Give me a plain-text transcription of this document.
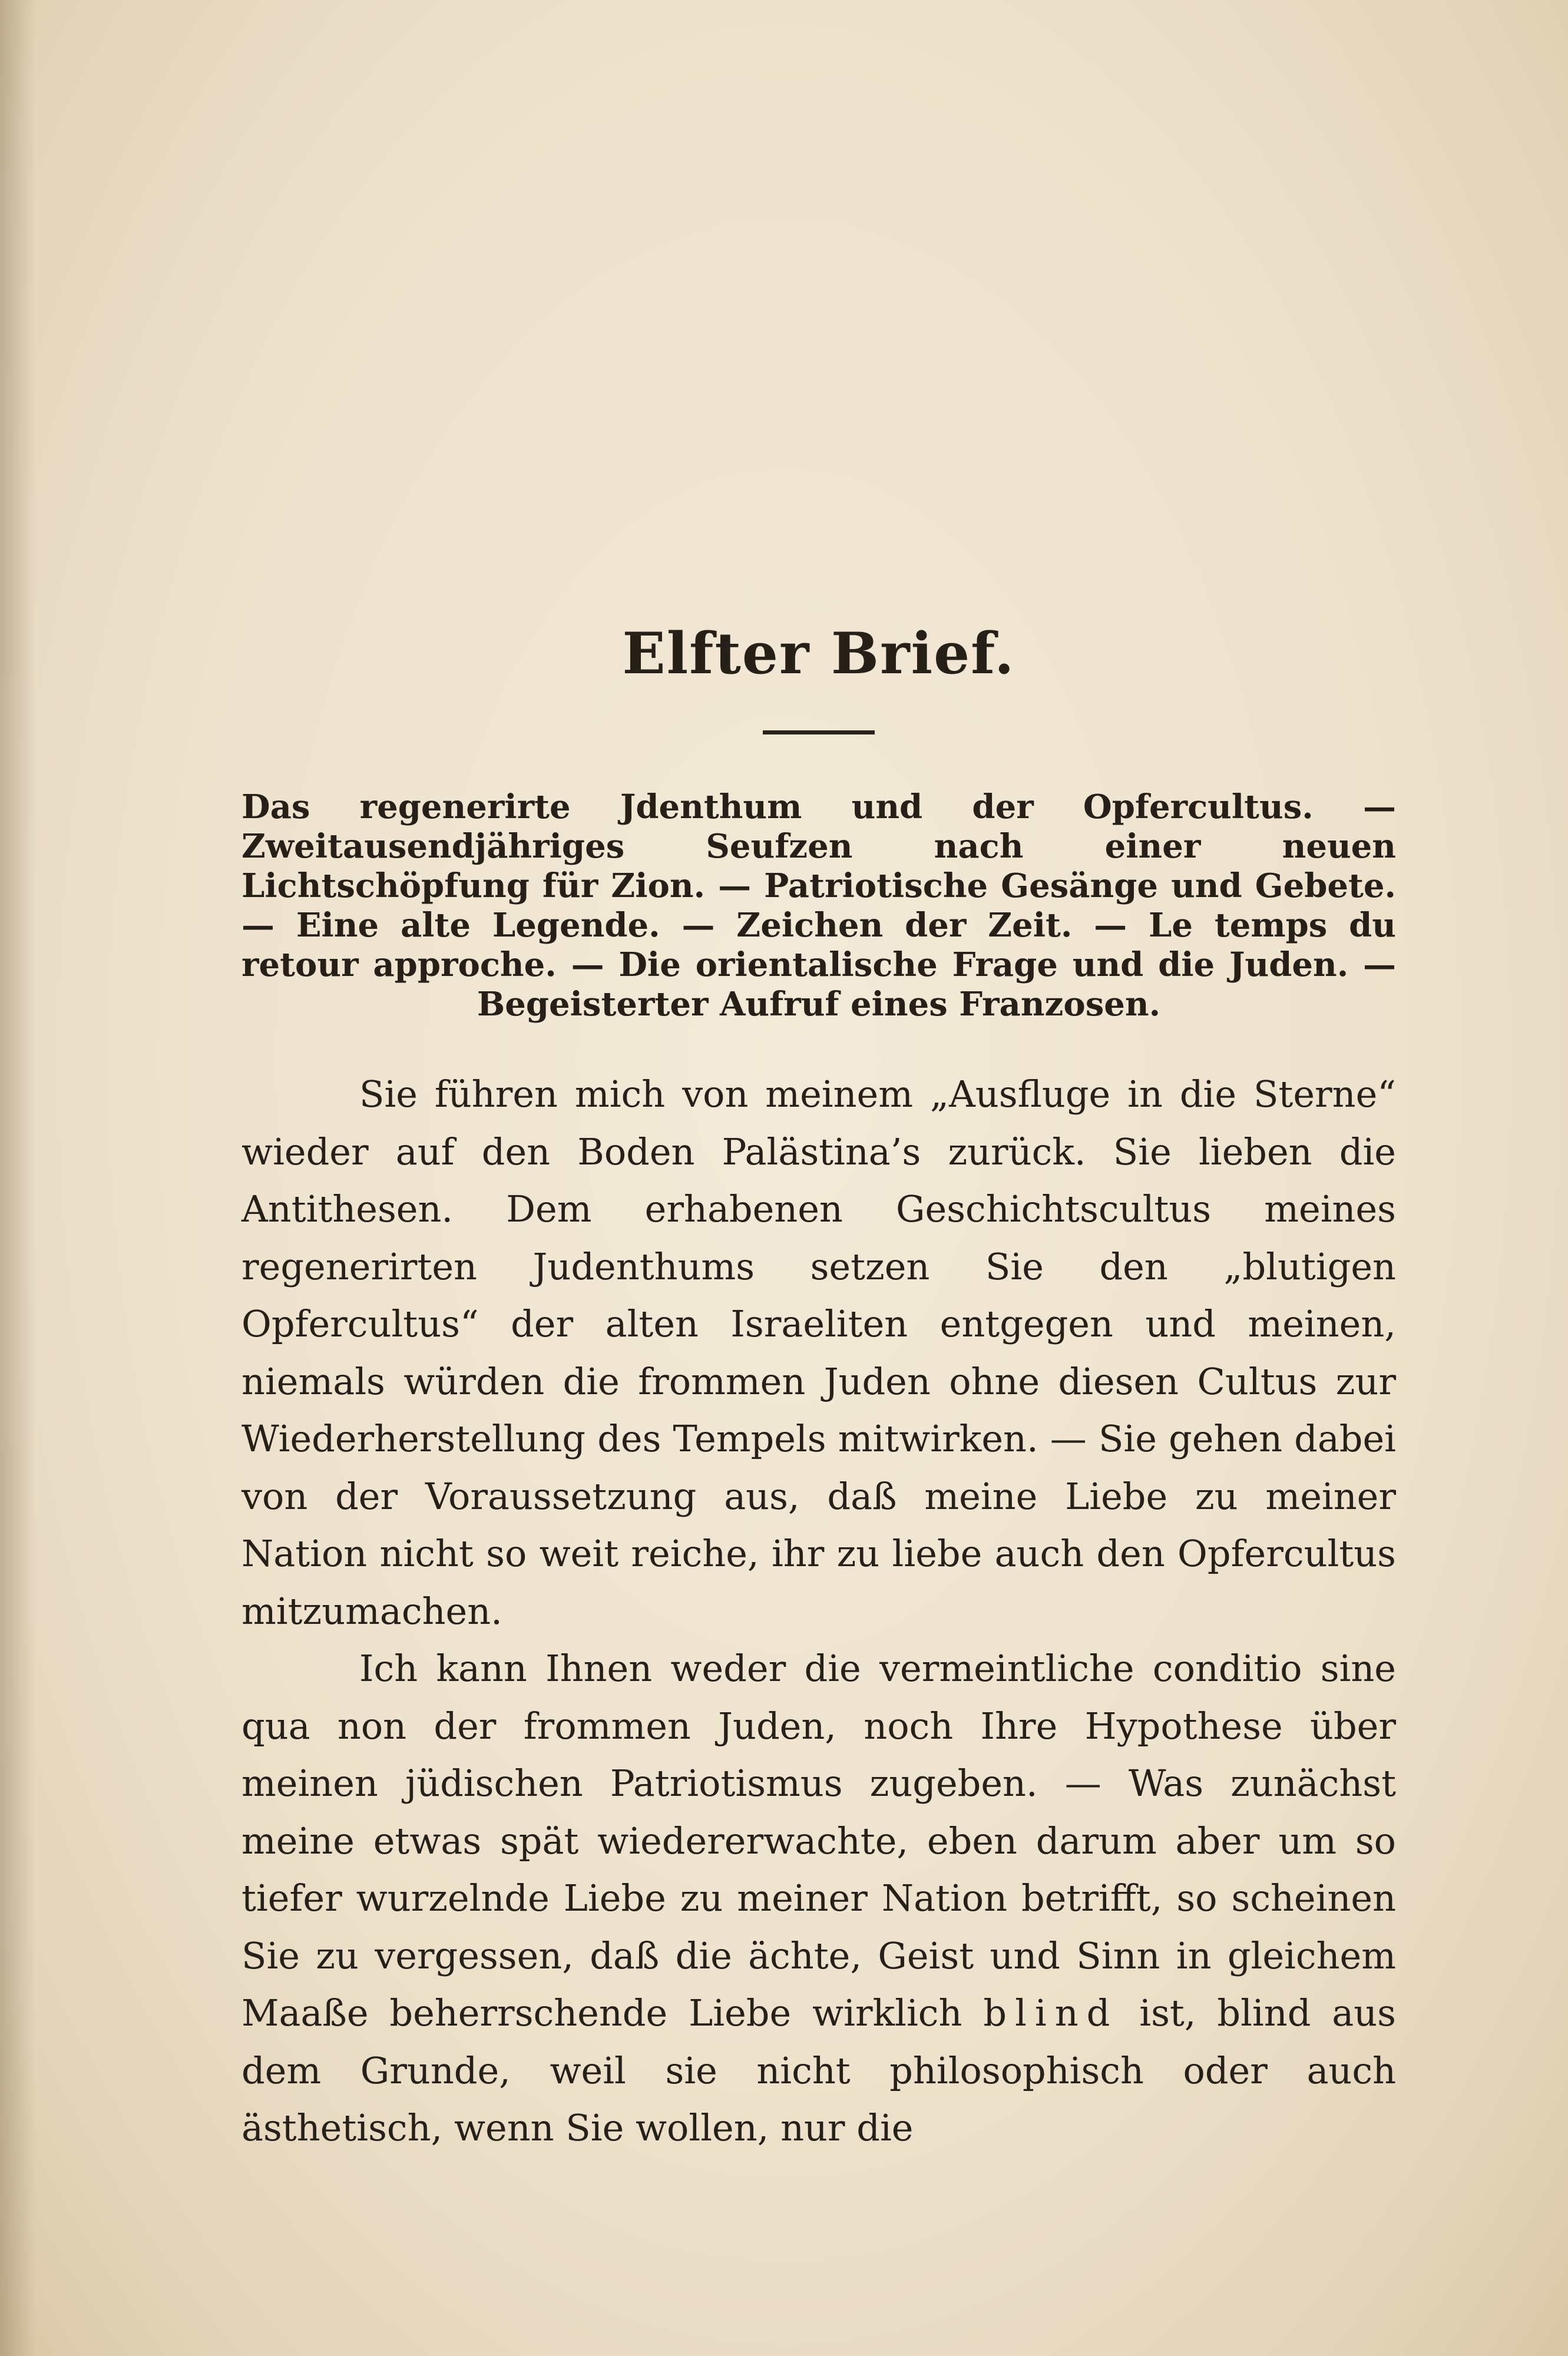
Elfter Brief.

Das regenerirte Jdenthum und der Opfercultus. — Zweitausendjähriges Seufzen nach einer neuen Lichtschöpfung für Zion. — Patriotische Gesänge und Gebete. — Eine alte Legende. — Zeichen der Zeit. — Le temps du retour approche. — Die orientalische Frage und die Juden. — Begeisterter Aufruf eines Franzosen.

Sie führen mich von meinem „Ausfluge in die Sterne“ wieder auf den Boden Palästina’s zurück. Sie lieben die Antithesen. Dem erhabenen Geschichtscultus meines regenerirten Judenthums setzen Sie den „blutigen Opfercultus“ der alten Israeliten entgegen und meinen, niemals würden die frommen Juden ohne diesen Cultus zur Wiederherstellung des Tempels mitwirken. — Sie gehen dabei von der Voraussetzung aus, daß meine Liebe zu meiner Nation nicht so weit reiche, ihr zu liebe auch den Opfercultus mitzumachen.

Ich kann Ihnen weder die vermeintliche conditio sine qua non der frommen Juden, noch Ihre Hypothese über meinen jüdischen Patriotismus zugeben. — Was zunächst meine etwas spät wiedererwachte, eben darum aber um so tiefer wurzelnde Liebe zu meiner Nation betrifft, so scheinen Sie zu vergessen, daß die ächte, Geist und Sinn in gleichem Maaße beherrschende Liebe wirklich blind ist, blind aus dem Grunde, weil sie nicht philosophisch oder auch ästhetisch, wenn Sie wollen, nur die
